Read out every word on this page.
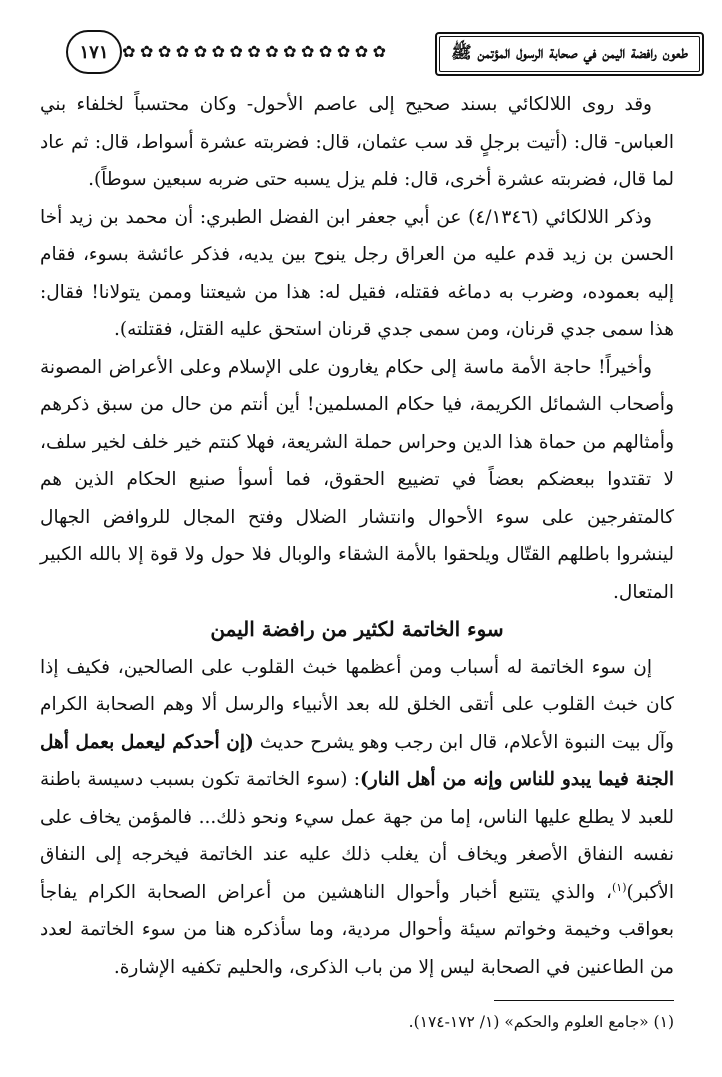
طعون رافضة اليمن في صحابة الرسول المؤتمن ﷺ
✿
✿
✿
✿
✿
✿
✿
✿
✿
✿
✿
✿
✿
✿
✿
١٧١

وقد روى اللالكائي بسند صحيح إلى عاصم الأحول- وكان محتسباً لخلفاء بني العباس- قال: (أتيت برجلٍ قد سب عثمان، قال: فضربته عشرة أسواط، قال: ثم عاد لما قال، فضربته عشرة أخرى، قال: فلم يزل يسبه حتى ضربه سبعين سوطاً).

وذكر اللالكائي (٤/١٣٤٦) عن أبي جعفر ابن الفضل الطبري: أن محمد بن زيد أخا الحسن بن زيد قدم عليه من العراق رجل ينوح بين يديه، فذكر عائشة بسوء، فقام إليه بعموده، وضرب به دماغه فقتله، فقيل له: هذا من شيعتنا وممن يتولانا! فقال: هذا سمى جدي قرنان، ومن سمى جدي قرنان استحق عليه القتل، فقتلته).

وأخيراً! حاجة الأمة ماسة إلى حكام يغارون على الإسلام وعلى الأعراض المصونة وأصحاب الشمائل الكريمة، فيا حكام المسلمين! أين أنتم من حال من سبق ذكرهم وأمثالهم من حماة هذا الدين وحراس حملة الشريعة، فهلا كنتم خير خلف لخير سلف، لا تقتدوا ببعضكم بعضاً في تضييع الحقوق، فما أسوأ صنيع الحكام الذين هم كالمتفرجين على سوء الأحوال وانتشار الضلال وفتح المجال للروافض الجهال لينشروا باطلهم القتّال ويلحقوا بالأمة الشقاء والوبال فلا حول ولا قوة إلا بالله الكبير المتعال.

سوء الخاتمة لكثير من رافضة اليمن

إن سوء الخاتمة له أسباب ومن أعظمها خبث القلوب على الصالحين، فكيف إذا كان خبث القلوب على أتقى الخلق لله بعد الأنبياء والرسل ألا وهم الصحابة الكرام وآل بيت النبوة الأعلام، قال ابن رجب وهو يشرح حديث (إن أحدكم ليعمل بعمل أهل الجنة فيما يبدو للناس وإنه من أهل النار): (سوء الخاتمة تكون بسبب دسيسة باطنة للعبد لا يطلع عليها الناس، إما من جهة عمل سيء ونحو ذلك... فالمؤمن يخاف على نفسه النفاق الأصغر ويخاف أن يغلب ذلك عليه عند الخاتمة فيخرجه إلى النفاق الأكبر)$^{(١)}$، والذي يتتبع أخبار وأحوال الناهشين من أعراض الصحابة الكرام يفاجأ بعواقب وخيمة وخواتم سيئة وأحوال مردية، وما سأذكره هنا من سوء الخاتمة لعدد من الطاعنين في الصحابة ليس إلا من باب الذكرى، والحليم تكفيه الإشارة.

(١) «جامع العلوم والحكم» (١/ ١٧٢-١٧٤).
